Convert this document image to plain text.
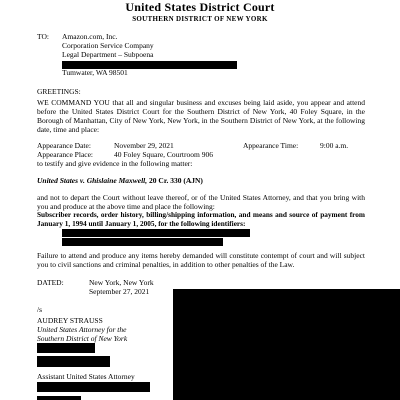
United States District Court
SOUTHERN DISTRICT OF NEW YORK
TO: Amazon.com, Inc.
Corporation Service Company
Legal Department – Subpoena
Tumwater, WA 98501
GREETINGS:
WE COMMAND YOU that all and singular business and excuses being laid aside, you appear and attend before the United States District Court for the Southern District of New York, 40 Foley Square, in the Borough of Manhattan, City of New York, New York, in the Southern District of New York, at the following date, time and place:
Appearance Date:	November 29, 2021	Appearance Time:	9:00 a.m.
Appearance Place:	40 Foley Square, Courtroom 906
to testify and give evidence in the following matter:
United States v. Ghislaine Maxwell, 20 Cr. 330 (AJN)
and not to depart the Court without leave thereof, or of the United States Attorney, and that you bring with you and produce at the above time and place the following:
Subscriber records, order history, billing/shipping information, and means and source of payment from January 1, 1994 until January 1, 2005, for the following identifiers:
Failure to attend and produce any items hereby demanded will constitute contempt of court and will subject you to civil sanctions and criminal penalties, in addition to other penalties of the Law.
DATED:	New York, New York
September 27, 2021
/s
AUDREY STRAUSS
United States Attorney for the
Southern District of New York
Assistant United States Attorney
